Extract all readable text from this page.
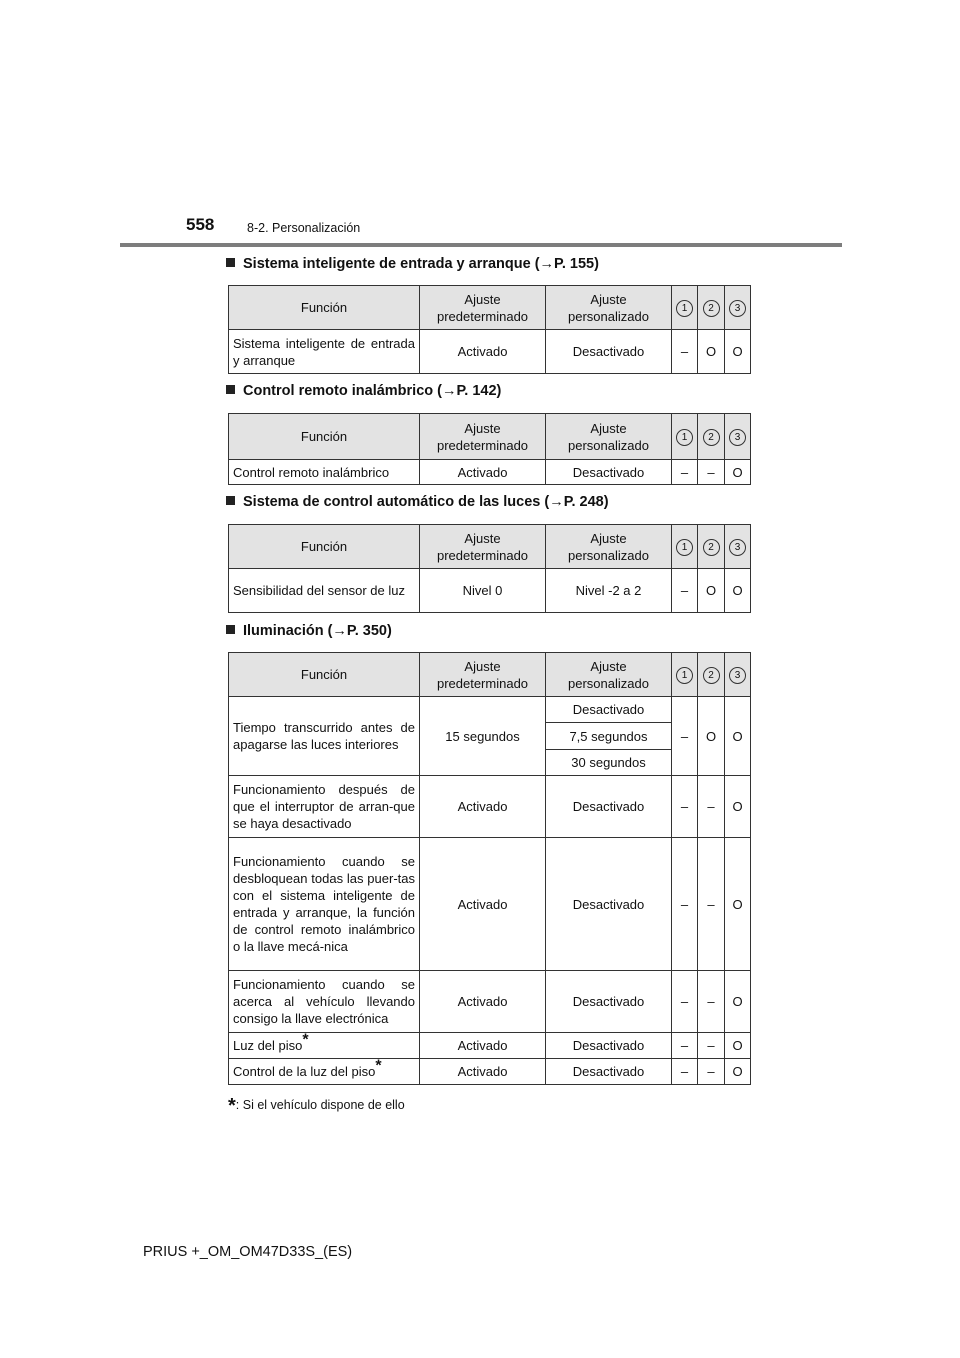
558	8-2. Personalización
Sistema inteligente de entrada y arranque (→P. 155)
Función	Ajuste predeterminado	Ajuste personalizado	1	2	3
Sistema inteligente de entrada y arranque	Activado	Desactivado	–	O	O
Control remoto inalámbrico (→P. 142)
Función	Ajuste predeterminado	Ajuste personalizado	1	2	3
Control remoto inalámbrico	Activado	Desactivado	–	–	O
Sistema de control automático de las luces (→P. 248)
Función	Ajuste predeterminado	Ajuste personalizado	1	2	3
Sensibilidad del sensor de luz	Nivel 0	Nivel -2 a 2	–	O	O
Iluminación (→P. 350)
Función	Ajuste predeterminado	Ajuste personalizado	1	2	3
Tiempo transcurrido antes de apagarse las luces interiores	15 segundos	Desactivado	–	O	O
		7,5 segundos			
		30 segundos			
Funcionamiento después de que el interruptor de arran-que se haya desactivado	Activado	Desactivado	–	–	O
Funcionamiento cuando se desbloquean todas las puer-tas con el sistema inteligente de entrada y arranque, la función de control remoto inalámbrico o la llave mecá-nica	Activado	Desactivado	–	–	O
Funcionamiento cuando se acerca al vehículo llevando consigo la llave electrónica	Activado	Desactivado	–	–	O
Luz del piso*	Activado	Desactivado	–	–	O
Control de la luz del piso*	Activado	Desactivado	–	–	O
*: Si el vehículo dispone de ello
PRIUS +_OM_OM47D33S_(ES)
